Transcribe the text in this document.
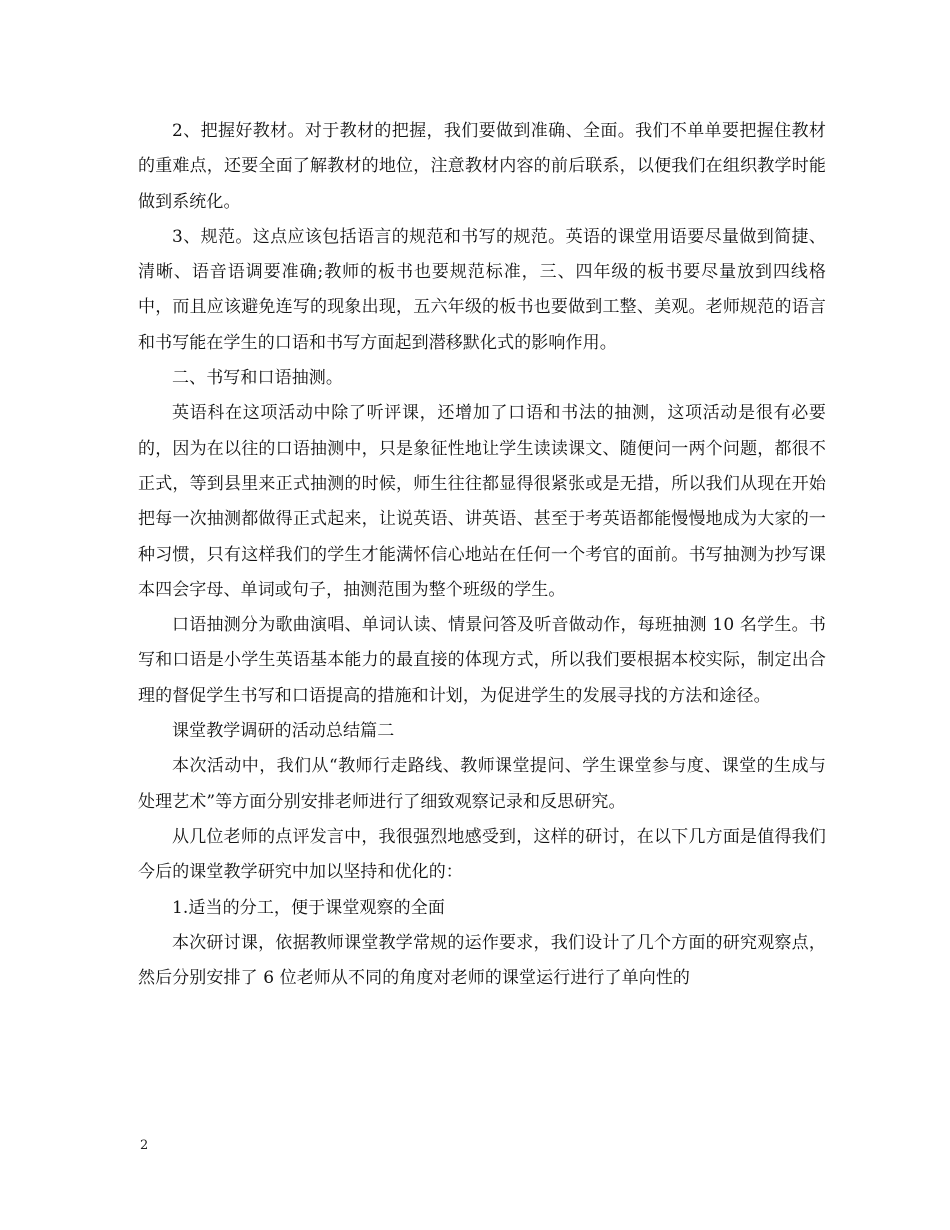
2、把握好教材。对于教材的把握，我们要做到准确、全面。我们不单单要把握住教材的重难点，还要全面了解教材的地位，注意教材内容的前后联系，以便我们在组织教学时能做到系统化。

3、规范。这点应该包括语言的规范和书写的规范。英语的课堂用语要尽量做到简捷、清晰、语音语调要准确;教师的板书也要规范标准，三、四年级的板书要尽量放到四线格中，而且应该避免连写的现象出现，五六年级的板书也要做到工整、美观。老师规范的语言和书写能在学生的口语和书写方面起到潜移默化式的影响作用。

二、书写和口语抽测。

英语科在这项活动中除了听评课，还增加了口语和书法的抽测，这项活动是很有必要的，因为在以往的口语抽测中，只是象征性地让学生读读课文、随便问一两个问题，都很不正式，等到县里来正式抽测的时候，师生往往都显得很紧张或是无措，所以我们从现在开始把每一次抽测都做得正式起来，让说英语、讲英语、甚至于考英语都能慢慢地成为大家的一种习惯，只有这样我们的学生才能满怀信心地站在任何一个考官的面前。书写抽测为抄写课本四会字母、单词或句子，抽测范围为整个班级的学生。

口语抽测分为歌曲演唱、单词认读、情景问答及听音做动作，每班抽测 10 名学生。书写和口语是小学生英语基本能力的最直接的体现方式，所以我们要根据本校实际，制定出合理的督促学生书写和口语提高的措施和计划，为促进学生的发展寻找的方法和途径。

课堂教学调研的活动总结篇二

本次活动中，我们从“教师行走路线、教师课堂提问、学生课堂参与度、课堂的生成与处理艺术”等方面分别安排老师进行了细致观察记录和反思研究。

从几位老师的点评发言中，我很强烈地感受到，这样的研讨，在以下几方面是值得我们今后的课堂教学研究中加以坚持和优化的：

1.适当的分工，便于课堂观察的全面

本次研讨课，依据教师课堂教学常规的运作要求，我们设计了几个方面的研究观察点，然后分别安排了 6 位老师从不同的角度对老师的课堂运行进行了单向性的

2
